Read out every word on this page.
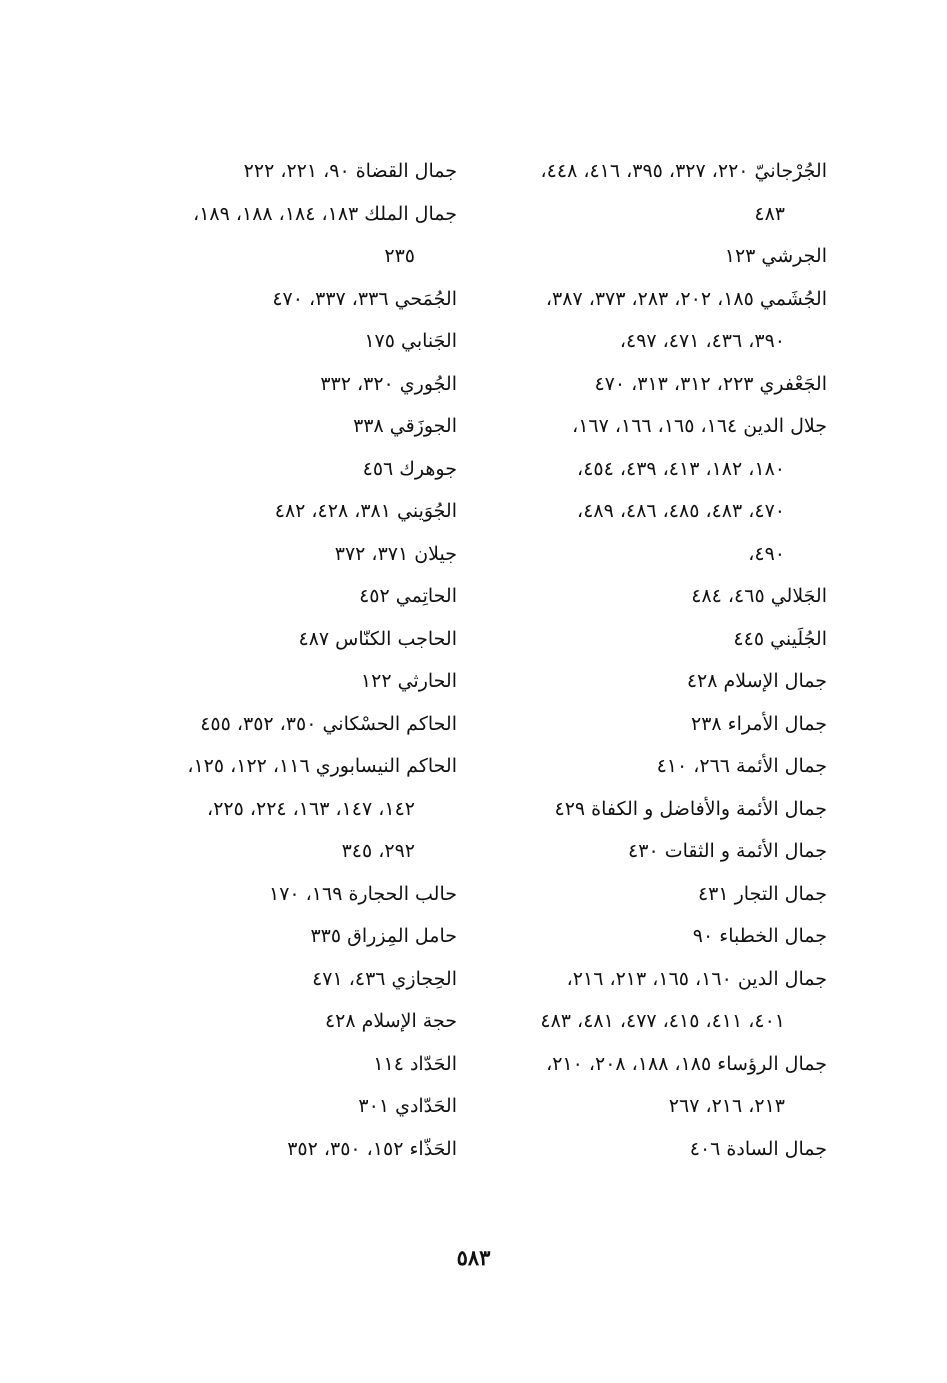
الجُرْجانيّ ٢٢٠، ٣٢٧، ٣٩٥، ٤١٦، ٤٤٨،
٤٨٣
الجرشي ١٢٣
الجُشَمي ١٨٥، ٢٠٢، ٢٨٣، ٣٧٣، ٣٨٧،
٣٩٠، ٤٣٦، ٤٧١، ٤٩٧،
الجَعْفري ٢٢٣، ٣١٢، ٣١٣، ٤٧٠
جلال الدين ١٦٤، ١٦٥، ١٦٦، ١٦٧،
١٨٠، ١٨٢، ٤١٣، ٤٣٩، ٤٥٤،
٤٧٠، ٤٨٣، ٤٨٥، ٤٨٦، ٤٨٩،
٤٩٠،
الجَلالي ٤٦٥، ٤٨٤
الجُلَيني ٤٤٥
جمال الإسلام ٤٢٨
جمال الأمراء ٢٣٨
جمال الأئمة ٢٦٦، ٤١٠
جمال الأئمة والأفاضل و الكفاة ٤٢٩
جمال الأئمة و الثقات ٤٣٠
جمال التجار ٤٣١
جمال الخطباء ٩٠
جمال الدين ١٦٠، ١٦٥، ٢١٣، ٢١٦،
٤٠١، ٤١١، ٤١٥، ٤٧٧، ٤٨١، ٤٨٣
جمال الرؤساء ١٨٥، ١٨٨، ٢٠٨، ٢١٠،
٢١٣، ٢١٦، ٢٦٧
جمال السادة ٤٠٦
جمال القضاة ٩٠، ٢٢١، ٢٢٢
جمال الملك ١٨٣، ١٨٤، ١٨٨، ١٨٩،
٢٣٥
الجُمَحي ٣٣٦، ٣٣٧، ٤٧٠
الجَنابي ١٧٥
الجُوري ٣٢٠، ٣٣٢
الجوزَقي ٣٣٨
جوهرك ٤٥٦
الجُوَيني ٣٨١، ٤٢٨، ٤٨٢
جيلان ٣٧١، ٣٧٢
الحاتِمي ٤٥٢
الحاجب الكنّاس ٤٨٧
الحارثي ١٢٢
الحاكم الحسْكاني ٣٥٠، ٣٥٢، ٤٥٥
الحاكم النيسابوري ١١٦، ١٢٢، ١٢٥،
١٤٢، ١٤٧، ١٦٣، ٢٢٤، ٢٢٥،
٢٩٢، ٣٤٥
حالب الحجارة ١٦٩، ١٧٠
حامل المِزراق ٣٣٥
الحِجازي ٤٣٦، ٤٧١
حجة الإسلام ٤٢٨
الحَدّاد ١١٤
الحَدّادي ٣٠١
الحَذّاء ١٥٢، ٣٥٠، ٣٥٢
٥٨٣
